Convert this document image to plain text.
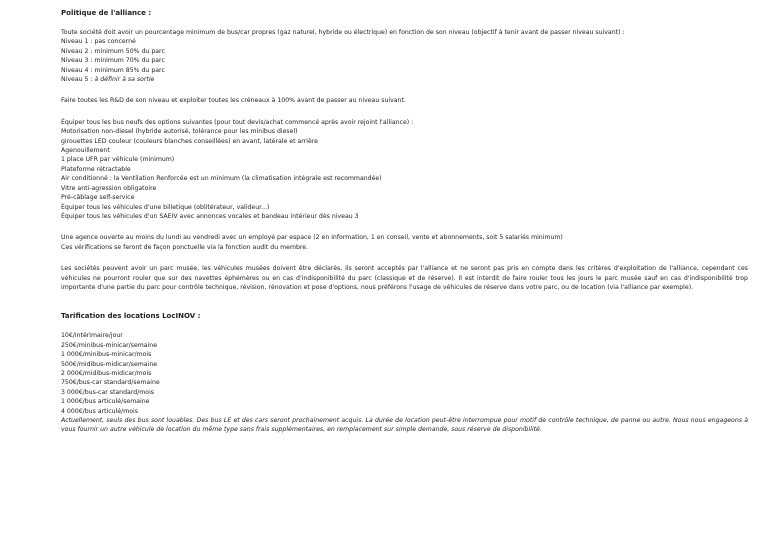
Politique de l'alliance :

Toute société doit avoir un pourcentage minimum de bus/car propres (gaz naturel, hybride ou électrique) en fonction de son niveau (objectif à tenir avant de passer niveau suivant) :
Niveau 1 : pas concerné
Niveau 2 : minimum 50% du parc
Niveau 3 : minimum 70% du parc
Niveau 4 : minimum 85% du parc
Niveau 5 : à définir à sa sortie
Faire toutes les R&D de son niveau et exploiter toutes les créneaux à 100% avant de passer au niveau suivant.
Équiper tous les bus neufs des options suivantes (pour tout devis/achat commencé après avoir rejoint l'alliance) :
Motorisation non-diesel (hybride autorisé, tolérance pour les minibus diesel)
girouettes LED couleur (couleurs blanches conseillées) en avant, latérale et arrière
Agenouillement
1 place UFR par véhicule (minimum)
Plateforme rétractable
Air conditionné : la Ventilation Renforcée est un minimum (la climatisation intégrale est recommandée)
Vitre anti-agression obligatoire
Pré-câblage self-service
Équiper tous les véhicules d'une billetique (oblitérateur, valideur...)
Équiper tous les véhicules d'un SAEIV avec annonces vocales et bandeau intérieur dès niveau 3
Une agence ouverte au moins du lundi au vendredi avec un employé par espace (2 en information, 1 en conseil, vente et abonnements, soit 5 salariés minimum)
Ces vérifications se feront de façon ponctuelle via la fonction audit du membre.

Les sociétés peuvent avoir un parc musée, les véhicules musées doivent être déclarés, ils seront acceptés par l'alliance et ne seront pas pris en compte dans les critères d'exploitation de l'alliance, cependant ces véhicules ne pourront rouler que sur des navettes éphémères ou en cas d'indisponibilité du parc (classique et de réserve). Il est interdit de faire rouler tous les jours le parc musée sauf en cas d'indisponibilité trop importante d'une partie du parc pour contrôle technique, révision, rénovation et pose d'options, nous préférons l'usage de véhicules de réserve dans votre parc, ou de location (via l'alliance par exemple).

Tarification des locations LocINOV :

10€/intérimaire/jour
250€/minibus-minicar/semaine
1 000€/minibus-minicar/mois
500€/midibus-midicar/semaine
2 000€/midibus-midicar/mois
750€/bus-car standard/semaine
3 000€/bus-car standard/mois
1 000€/bus articulé/semaine
4 000€/bus articulé/mois

Actuellement, seuls des bus sont louables. Des bus LE et des cars seront prochainement acquis. La durée de location peut-être interrompue pour motif de contrôle technique, de panne ou autre. Nous nous engageons à vous fournir un autre véhicule de location du même type sans frais supplémentaires, en remplacement sur simple demande, sous réserve de disponibilité.
